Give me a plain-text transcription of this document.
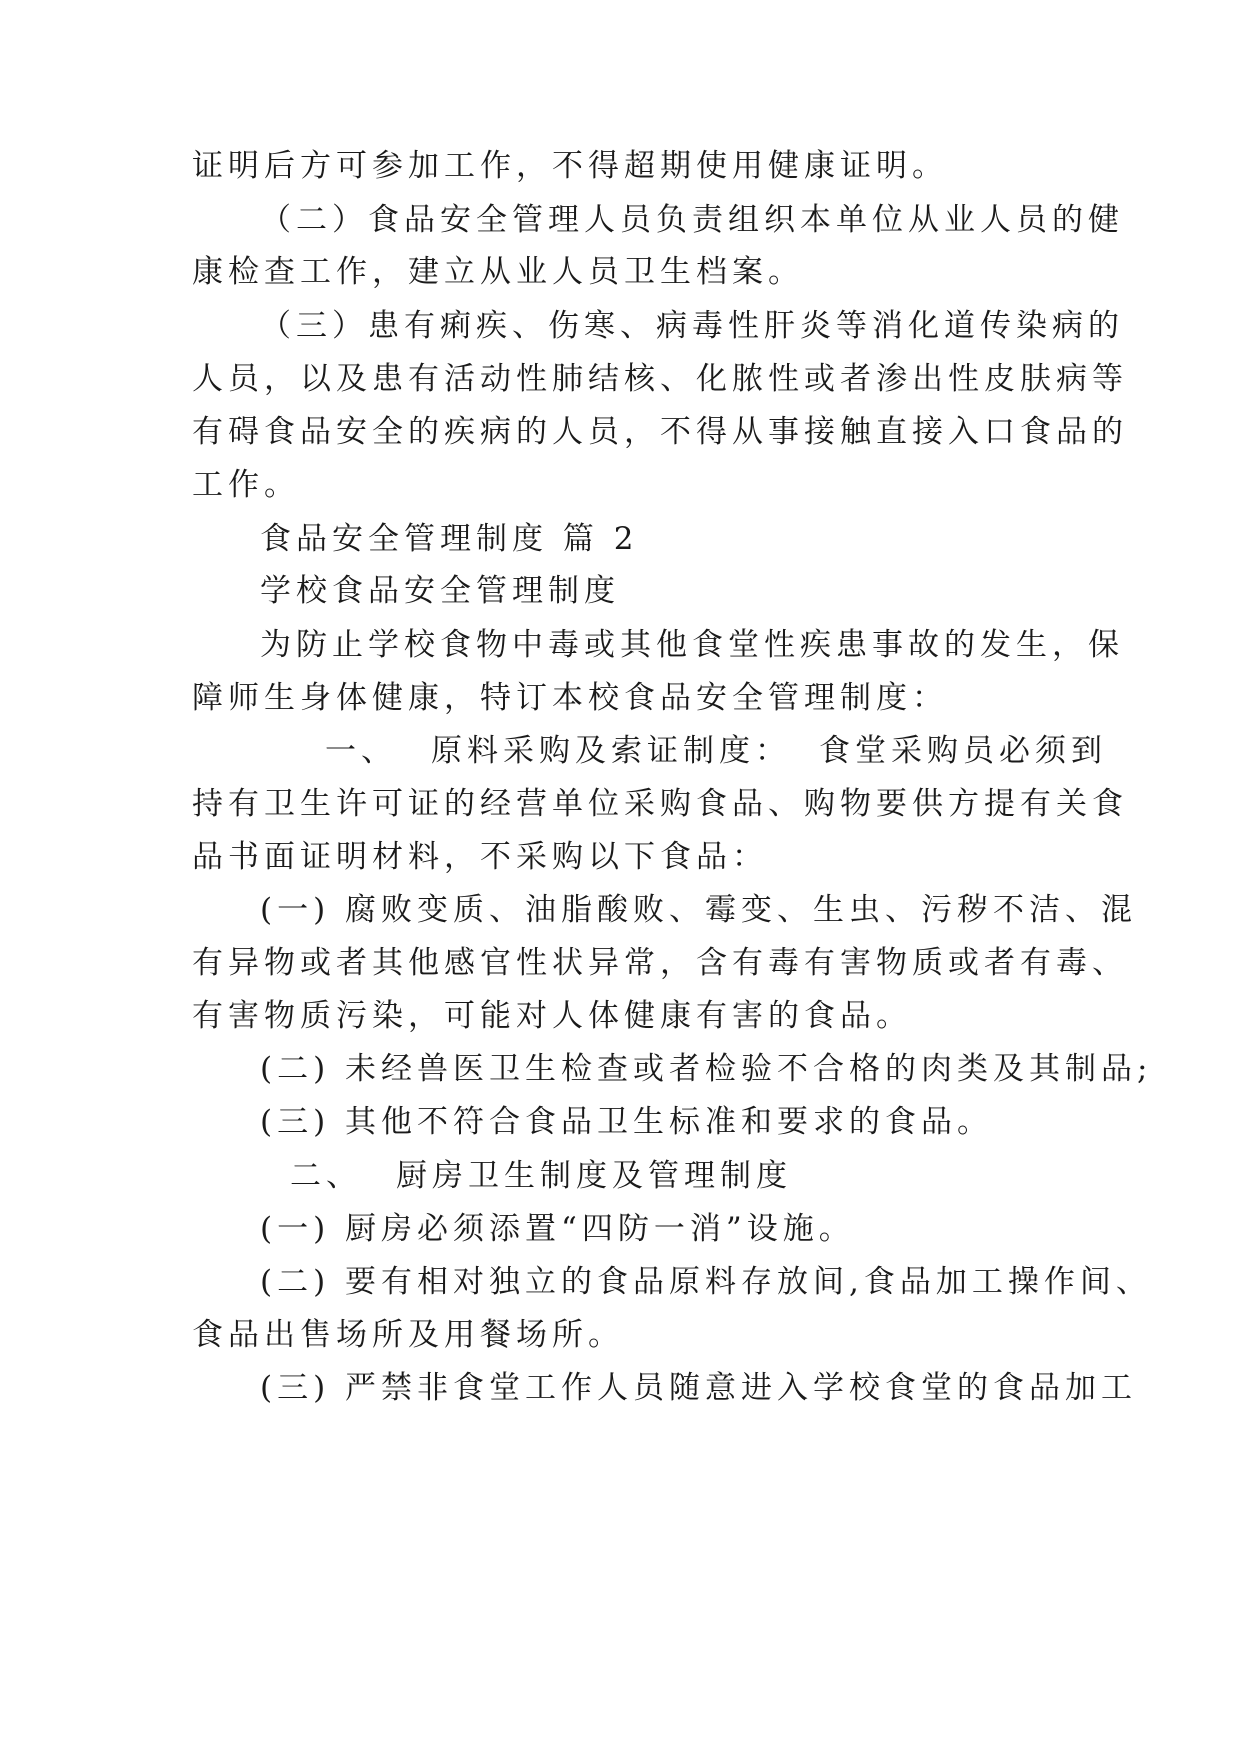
证明后方可参加工作，不得超期使用健康证明。
（二）食品安全管理人员负责组织本单位从业人员的健
康检查工作，建立从业人员卫生档案。
（三）患有痢疾、伤寒、病毒性肝炎等消化道传染病的
人员，以及患有活动性肺结核、化脓性或者渗出性皮肤病等
有碍食品安全的疾病的人员，不得从事接触直接入口食品的
工作。
食品安全管理制度 篇 2
学校食品安全管理制度
为防止学校食物中毒或其他食堂性疾患事故的发生，保
障师生身体健康，特订本校食品安全管理制度：
一、 原料采购及索证制度： 食堂采购员必须到
持有卫生许可证的经营单位采购食品、购物要供方提有关食
品书面证明材料，不采购以下食品：
(一) 腐败变质、油脂酸败、霉变、生虫、污秽不洁、混
有异物或者其他感官性状异常，含有毒有害物质或者有毒、
有害物质污染，可能对人体健康有害的食品。
(二) 未经兽医卫生检查或者检验不合格的肉类及其制品;
(三) 其他不符合食品卫生标准和要求的食品。
二、 厨房卫生制度及管理制度
(一) 厨房必须添置“四防一消”设施。
(二) 要有相对独立的食品原料存放间,食品加工操作间、
食品出售场所及用餐场所。
(三) 严禁非食堂工作人员随意进入学校食堂的食品加工
